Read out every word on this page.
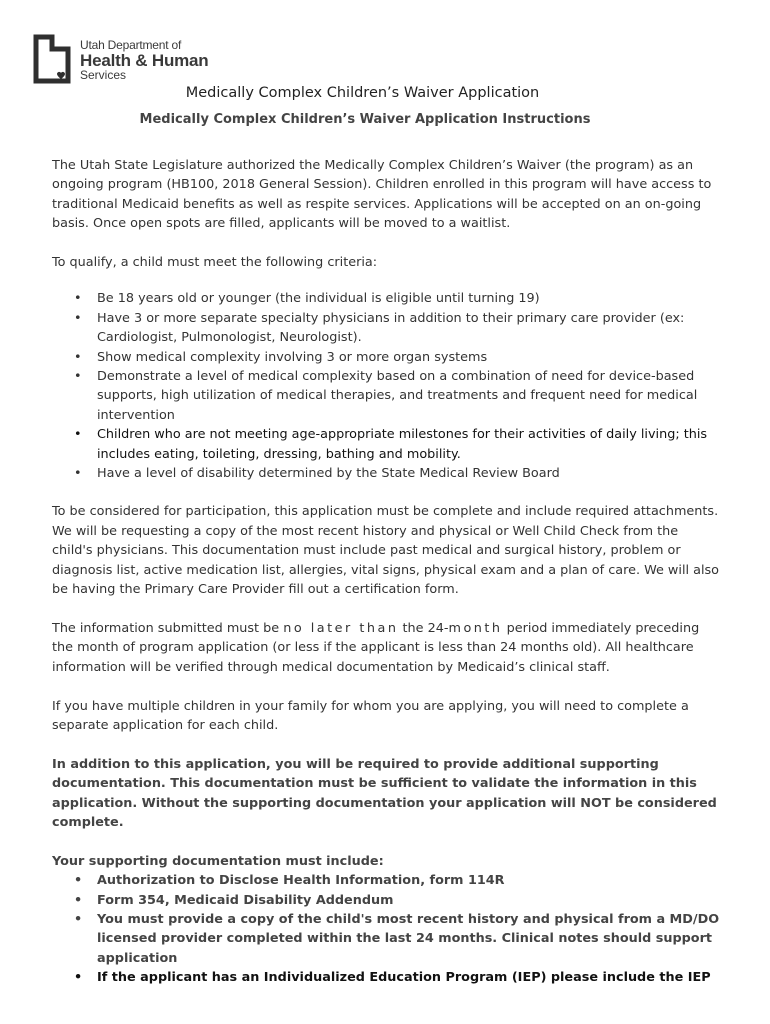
Utah Department of
Health & Human
Services
Medically Complex Children’s Waiver Application
Medically Complex Children’s Waiver Application Instructions

The Utah State Legislature authorized the Medically Complex Children’s Waiver (the program) as an ongoing program (HB100, 2018 General Session). Children enrolled in this program will have access to traditional Medicaid benefits as well as respite services. Applications will be accepted on an on-going basis. Once open spots are filled, applicants will be moved to a waitlist.

To qualify, a child must meet the following criteria:

• Be 18 years old or younger (the individual is eligible until turning 19)
• Have 3 or more separate specialty physicians in addition to their primary care provider (ex: Cardiologist, Pulmonologist, Neurologist).
• Show medical complexity involving 3 or more organ systems
• Demonstrate a level of medical complexity based on a combination of need for device-based supports, high utilization of medical therapies, and treatments and frequent need for medical intervention
• Children who are not meeting age-appropriate milestones for their activities of daily living; this includes eating, toileting, dressing, bathing and mobility.
• Have a level of disability determined by the State Medical Review Board

To be considered for participation, this application must be complete and include required attachments. We will be requesting a copy of the most recent history and physical or Well Child Check from the child's physicians. This documentation must include past medical and surgical history, problem or diagnosis list, active medication list, allergies, vital signs, physical exam and a plan of care. We will also be having the Primary Care Provider fill out a certification form.

The information submitted must be no later than the 24-month period immediately preceding the month of program application (or less if the applicant is less than 24 months old). All healthcare information will be verified through medical documentation by Medicaid’s clinical staff.

If you have multiple children in your family for whom you are applying, you will need to complete a separate application for each child.

In addition to this application, you will be required to provide additional supporting documentation. This documentation must be sufficient to validate the information in this application. Without the supporting documentation your application will NOT be considered complete.

Your supporting documentation must include:

• Authorization to Disclose Health Information, form 114R
• Form 354, Medicaid Disability Addendum
• You must provide a copy of the child's most recent history and physical from a MD/DO licensed provider completed within the last 24 months. Clinical notes should support application
• If the applicant has an Individualized Education Program (IEP) please include the IEP
